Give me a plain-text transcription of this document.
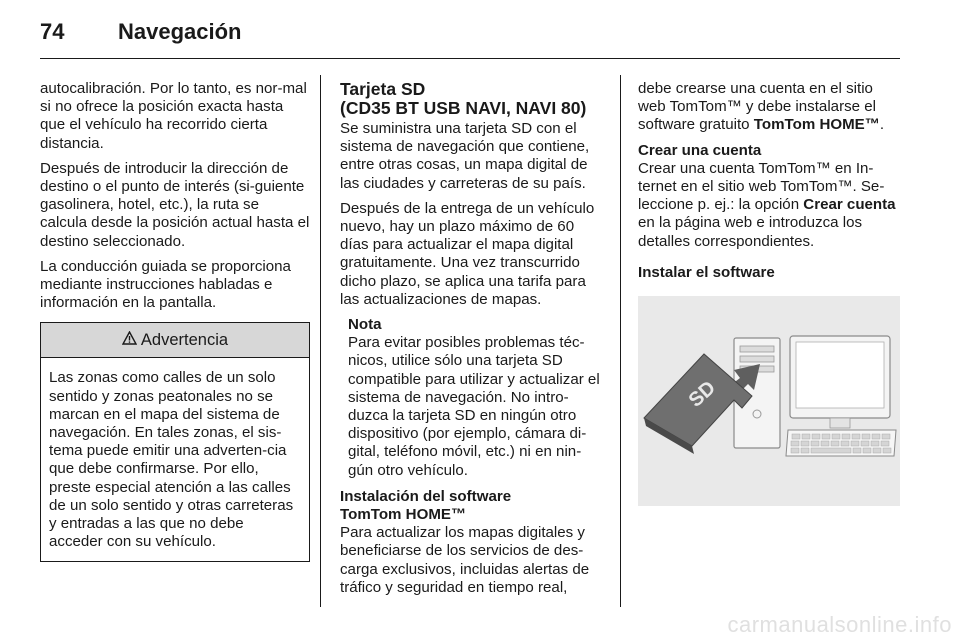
74 Navegación

autocalibración. Por lo tanto, es nor-mal si no ofrece la posición exacta hasta que el vehículo ha recorrido cierta distancia.

Después de introducir la dirección de destino o el punto de interés (si-guiente gasolinera, hotel, etc.), la ruta se calcula desde la posición actual hasta el destino seleccionado.

La conducción guiada se proporciona mediante instrucciones habladas e información en la pantalla.

Advertencia
Las zonas como calles de un solo sentido y zonas peatonales no se marcan en el mapa del sistema de navegación. En tales zonas, el sis-tema puede emitir una adverten-cia que debe confirmarse. Por ello, preste especial atención a las calles de un solo sentido y otras carreteras y entradas a las que no debe acceder con su vehículo.
Tarjeta SD
(CD35 BT USB NAVI, NAVI 80)

Se suministra una tarjeta SD con el sistema de navegación que contiene, entre otras cosas, un mapa digital de las ciudades y carreteras de su país.

Después de la entrega de un vehículo nuevo, hay un plazo máximo de 60 días para actualizar el mapa digital gratuitamente. Una vez transcurrido dicho plazo, se aplica una tarifa para las actualizaciones de mapas.

Nota
Para evitar posibles problemas téc-nicos, utilice sólo una tarjeta SD compatible para utilizar y actualizar el sistema de navegación. No intro-duzca la tarjeta SD en ningún otro dispositivo (por ejemplo, cámara di-gital, teléfono móvil, etc.) ni en nin-gún otro vehículo.

Instalación del software
TomTom HOME™
Para actualizar los mapas digitales y beneficiarse de los servicios de des-carga exclusivos, incluidas alertas de tráfico y seguridad en tiempo real,

debe crearse una cuenta en el sitio web TomTom™ y debe instalarse el software gratuito TomTom HOME™.

Crear una cuenta
Crear una cuenta TomTom™ en In-ternet en el sitio web TomTom™. Se-leccione p. ej.: la opción Crear cuenta en la página web e introduzca los detalles correspondientes.

Instalar el software
SD
carmanualsonline.info
